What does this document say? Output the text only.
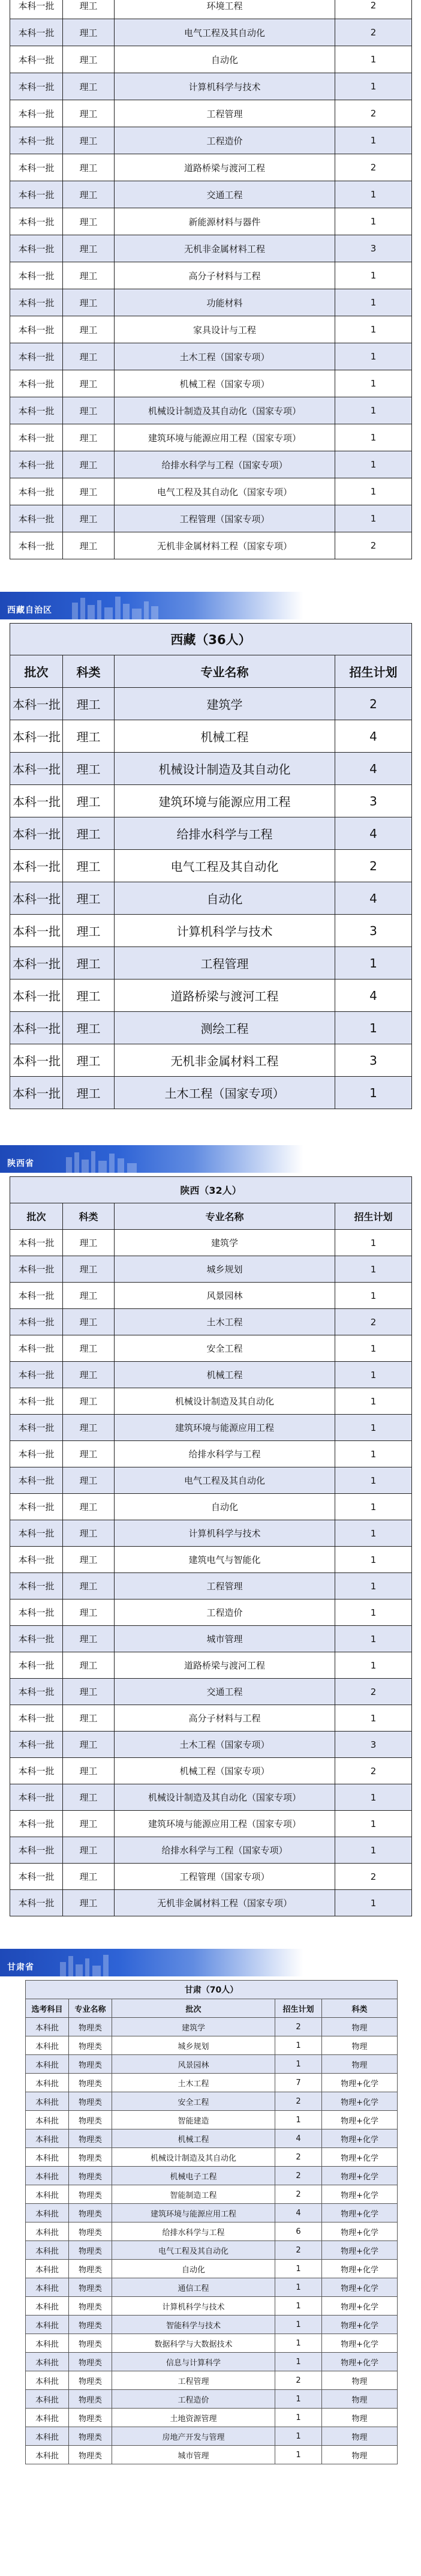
本科一批	理工	环境工程	2
本科一批	理工	电气工程及其自动化	2
本科一批	理工	自动化	1
本科一批	理工	计算机科学与技术	1
本科一批	理工	工程管理	2
本科一批	理工	工程造价	1
本科一批	理工	道路桥梁与渡河工程	2
本科一批	理工	交通工程	1
本科一批	理工	新能源材料与器件	1
本科一批	理工	无机非金属材料工程	3
本科一批	理工	高分子材料与工程	1
本科一批	理工	功能材料	1
本科一批	理工	家具设计与工程	1
本科一批	理工	土木工程（国家专项）	1
本科一批	理工	机械工程（国家专项）	1
本科一批	理工	机械设计制造及其自动化（国家专项）	1
本科一批	理工	建筑环境与能源应用工程（国家专项）	1
本科一批	理工	给排水科学与工程（国家专项）	1
本科一批	理工	电气工程及其自动化（国家专项）	1
本科一批	理工	工程管理（国家专项）	1
本科一批	理工	无机非金属材料工程（国家专项）	2
西藏自治区
西藏（36人）			
批次	科类	专业名称	招生计划
本科一批	理工	建筑学	2
本科一批	理工	机械工程	4
本科一批	理工	机械设计制造及其自动化	4
本科一批	理工	建筑环境与能源应用工程	3
本科一批	理工	给排水科学与工程	4
本科一批	理工	电气工程及其自动化	2
本科一批	理工	自动化	4
本科一批	理工	计算机科学与技术	3
本科一批	理工	工程管理	1
本科一批	理工	道路桥梁与渡河工程	4
本科一批	理工	测绘工程	1
本科一批	理工	无机非金属材料工程	3
本科一批	理工	土木工程（国家专项）	1
陕西省
陕西（32人）			
批次	科类	专业名称	招生计划
本科一批	理工	建筑学	1
本科一批	理工	城乡规划	1
本科一批	理工	风景园林	1
本科一批	理工	土木工程	2
本科一批	理工	安全工程	1
本科一批	理工	机械工程	1
本科一批	理工	机械设计制造及其自动化	1
本科一批	理工	建筑环境与能源应用工程	1
本科一批	理工	给排水科学与工程	1
本科一批	理工	电气工程及其自动化	1
本科一批	理工	自动化	1
本科一批	理工	计算机科学与技术	1
本科一批	理工	建筑电气与智能化	1
本科一批	理工	工程管理	1
本科一批	理工	工程造价	1
本科一批	理工	城市管理	1
本科一批	理工	道路桥梁与渡河工程	1
本科一批	理工	交通工程	2
本科一批	理工	高分子材料与工程	1
本科一批	理工	土木工程（国家专项）	3
本科一批	理工	机械工程（国家专项）	2
本科一批	理工	机械设计制造及其自动化（国家专项）	1
本科一批	理工	建筑环境与能源应用工程（国家专项）	1
本科一批	理工	给排水科学与工程（国家专项）	1
本科一批	理工	工程管理（国家专项）	2
本科一批	理工	无机非金属材料工程（国家专项）	1
甘肃省
甘肃（70人）				
选考科目	专业名称	批次	招生计划	科类
本科批	物理类	建筑学	2	物理
本科批	物理类	城乡规划	1	物理
本科批	物理类	风景园林	1	物理
本科批	物理类	土木工程	7	物理+化学
本科批	物理类	安全工程	2	物理+化学
本科批	物理类	智能建造	1	物理+化学
本科批	物理类	机械工程	4	物理+化学
本科批	物理类	机械设计制造及其自动化	2	物理+化学
本科批	物理类	机械电子工程	2	物理+化学
本科批	物理类	智能制造工程	2	物理+化学
本科批	物理类	建筑环境与能源应用工程	4	物理+化学
本科批	物理类	给排水科学与工程	6	物理+化学
本科批	物理类	电气工程及其自动化	2	物理+化学
本科批	物理类	自动化	1	物理+化学
本科批	物理类	通信工程	1	物理+化学
本科批	物理类	计算机科学与技术	1	物理+化学
本科批	物理类	智能科学与技术	1	物理+化学
本科批	物理类	数据科学与大数据技术	1	物理+化学
本科批	物理类	信息与计算科学	1	物理+化学
本科批	物理类	工程管理	2	物理
本科批	物理类	工程造价	1	物理
本科批	物理类	土地资源管理	1	物理
本科批	物理类	房地产开发与管理	1	物理
本科批	物理类	城市管理	1	物理
